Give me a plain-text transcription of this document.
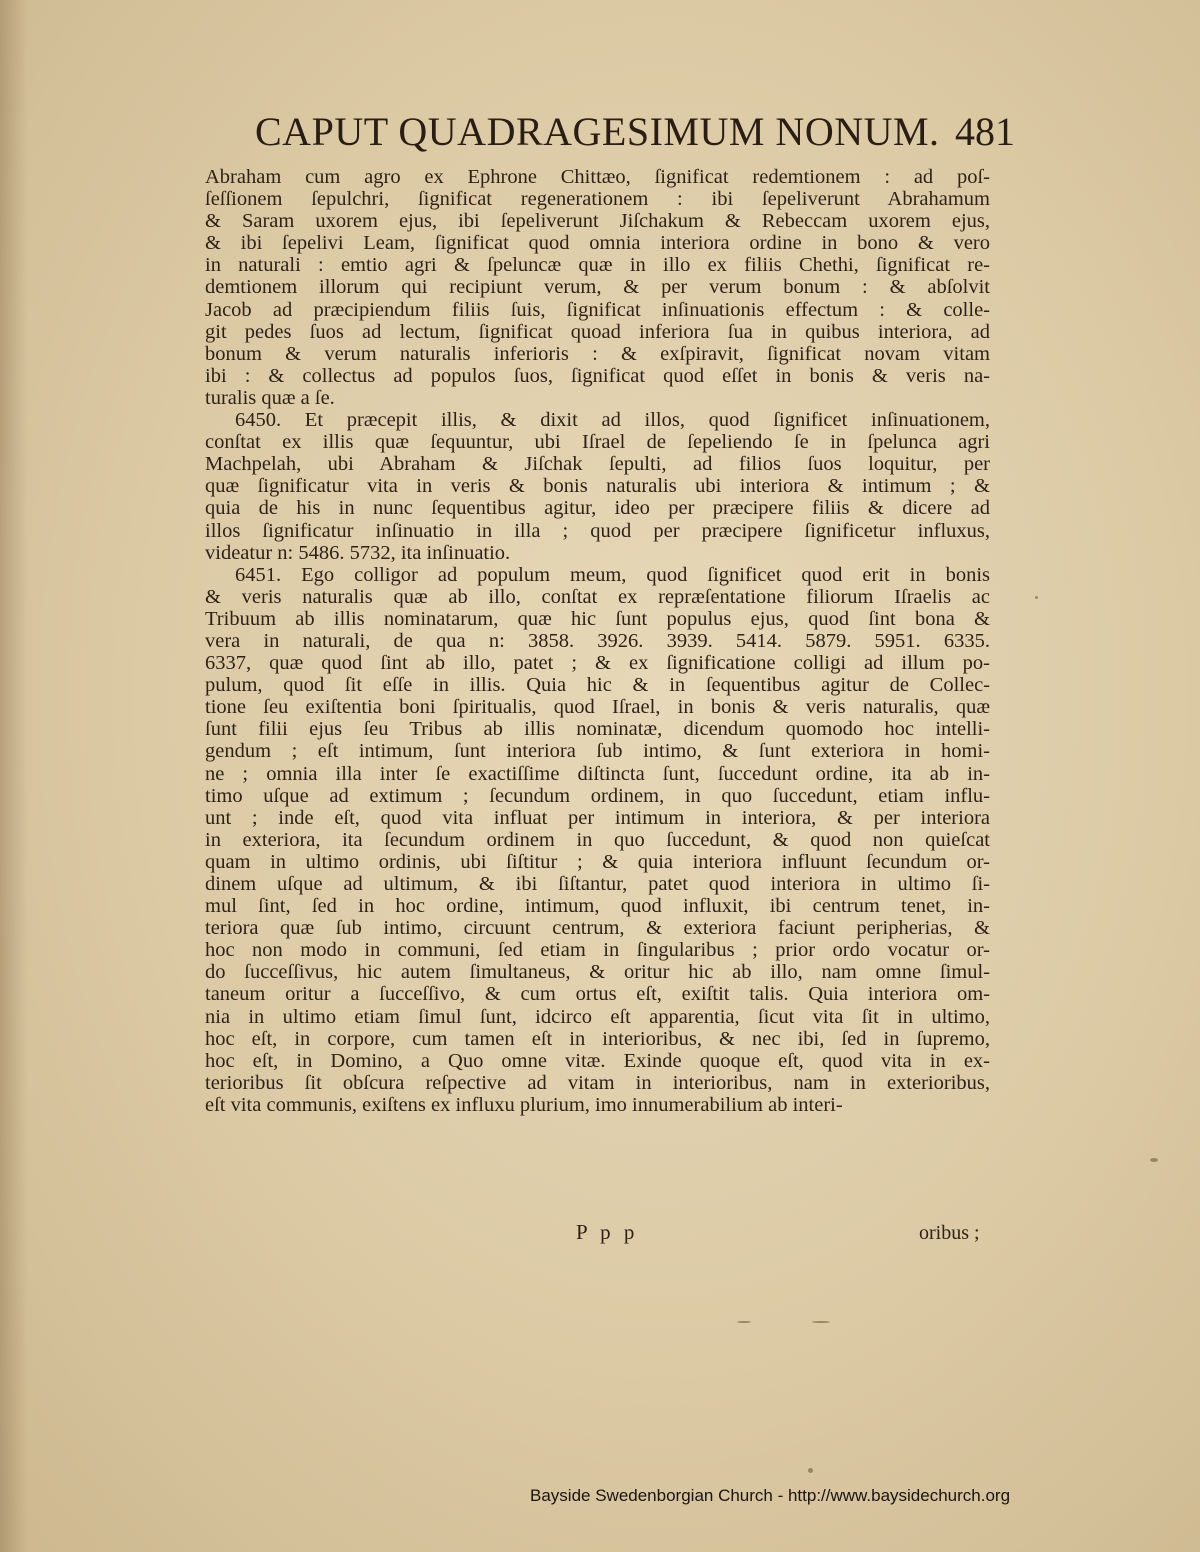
CAPUT QUADRAGESIMUM NONUM. 481
Abraham cum agro ex Ephrone Chittæo, ſignificat redemtionem : ad poſ-
ſeſſionem ſepulchri, ſignificat regenerationem : ibi ſepeliverunt Abrahamum
& Saram uxorem ejus, ibi ſepeliverunt Jiſchakum & Rebeccam uxorem ejus,
& ibi ſepelivi Leam, ſignificat quod omnia interiora ordine in bono & vero
in naturali : emtio agri & ſpeluncæ quæ in illo ex filiis Chethi, ſignificat re-
demtionem illorum qui recipiunt verum, & per verum bonum : & abſolvit
Jacob ad præcipiendum filiis ſuis, ſignificat inſinuationis effectum : & colle-
git pedes ſuos ad lectum, ſignificat quoad inferiora ſua in quibus interiora, ad
bonum & verum naturalis inferioris : & exſpiravit, ſignificat novam vitam
ibi : & collectus ad populos ſuos, ſignificat quod eſſet in bonis & veris na-
turalis quæ a ſe.
6450. Et præcepit illis, & dixit ad illos, quod ſignificet inſinuationem,
conſtat ex illis quæ ſequuntur, ubi Iſrael de ſepeliendo ſe in ſpelunca agri
Machpelah, ubi Abraham & Jiſchak ſepulti, ad filios ſuos loquitur, per
quæ ſignificatur vita in veris & bonis naturalis ubi interiora & intimum ; &
quia de his in nunc ſequentibus agitur, ideo per præcipere filiis & dicere ad
illos ſignificatur inſinuatio in illa ; quod per præcipere ſignificetur influxus,
videatur n: 5486. 5732, ita inſinuatio.
6451. Ego colligor ad populum meum, quod ſignificet quod erit in bonis
& veris naturalis quæ ab illo, conſtat ex repræſentatione filiorum Iſraelis ac
Tribuum ab illis nominatarum, quæ hic ſunt populus ejus, quod ſint bona &
vera in naturali, de qua n: 3858. 3926. 3939. 5414. 5879. 5951. 6335.
6337, quæ quod ſint ab illo, patet ; & ex ſignificatione colligi ad illum po-
pulum, quod ſit eſſe in illis. Quia hic & in ſequentibus agitur de Collec-
tione ſeu exiſtentia boni ſpiritualis, quod Iſrael, in bonis & veris naturalis, quæ
ſunt filii ejus ſeu Tribus ab illis nominatæ, dicendum quomodo hoc intelli-
gendum ; eſt intimum, ſunt interiora ſub intimo, & ſunt exteriora in homi-
ne ; omnia illa inter ſe exactiſſime diſtincta ſunt, ſuccedunt ordine, ita ab in-
timo uſque ad extimum ; ſecundum ordinem, in quo ſuccedunt, etiam influ-
unt ; inde eſt, quod vita influat per intimum in interiora, & per interiora
in exteriora, ita ſecundum ordinem in quo ſuccedunt, & quod non quieſcat
quam in ultimo ordinis, ubi ſiſtitur ; & quia interiora influunt ſecundum or-
dinem uſque ad ultimum, & ibi ſiſtantur, patet quod interiora in ultimo ſi-
mul ſint, ſed in hoc ordine, intimum, quod influxit, ibi centrum tenet, in-
teriora quæ ſub intimo, circuunt centrum, & exteriora faciunt peripherias, &
hoc non modo in communi, ſed etiam in ſingularibus ; prior ordo vocatur or-
do ſucceſſivus, hic autem ſimultaneus, & oritur hic ab illo, nam omne ſimul-
taneum oritur a ſucceſſivo, & cum ortus eſt, exiſtit talis. Quia interiora om-
nia in ultimo etiam ſimul ſunt, idcirco eſt apparentia, ſicut vita ſit in ultimo,
hoc eſt, in corpore, cum tamen eſt in interioribus, & nec ibi, ſed in ſupremo,
hoc eſt, in Domino, a Quo omne vitæ. Exinde quoque eſt, quod vita in ex-
terioribus ſit obſcura reſpective ad vitam in interioribus, nam in exterioribus,
eſt vita communis, exiſtens ex influxu plurium, imo innumerabilium ab interi-
P p p	oribus ;
Bayside Swedenborgian Church - http://www.baysidechurch.org
